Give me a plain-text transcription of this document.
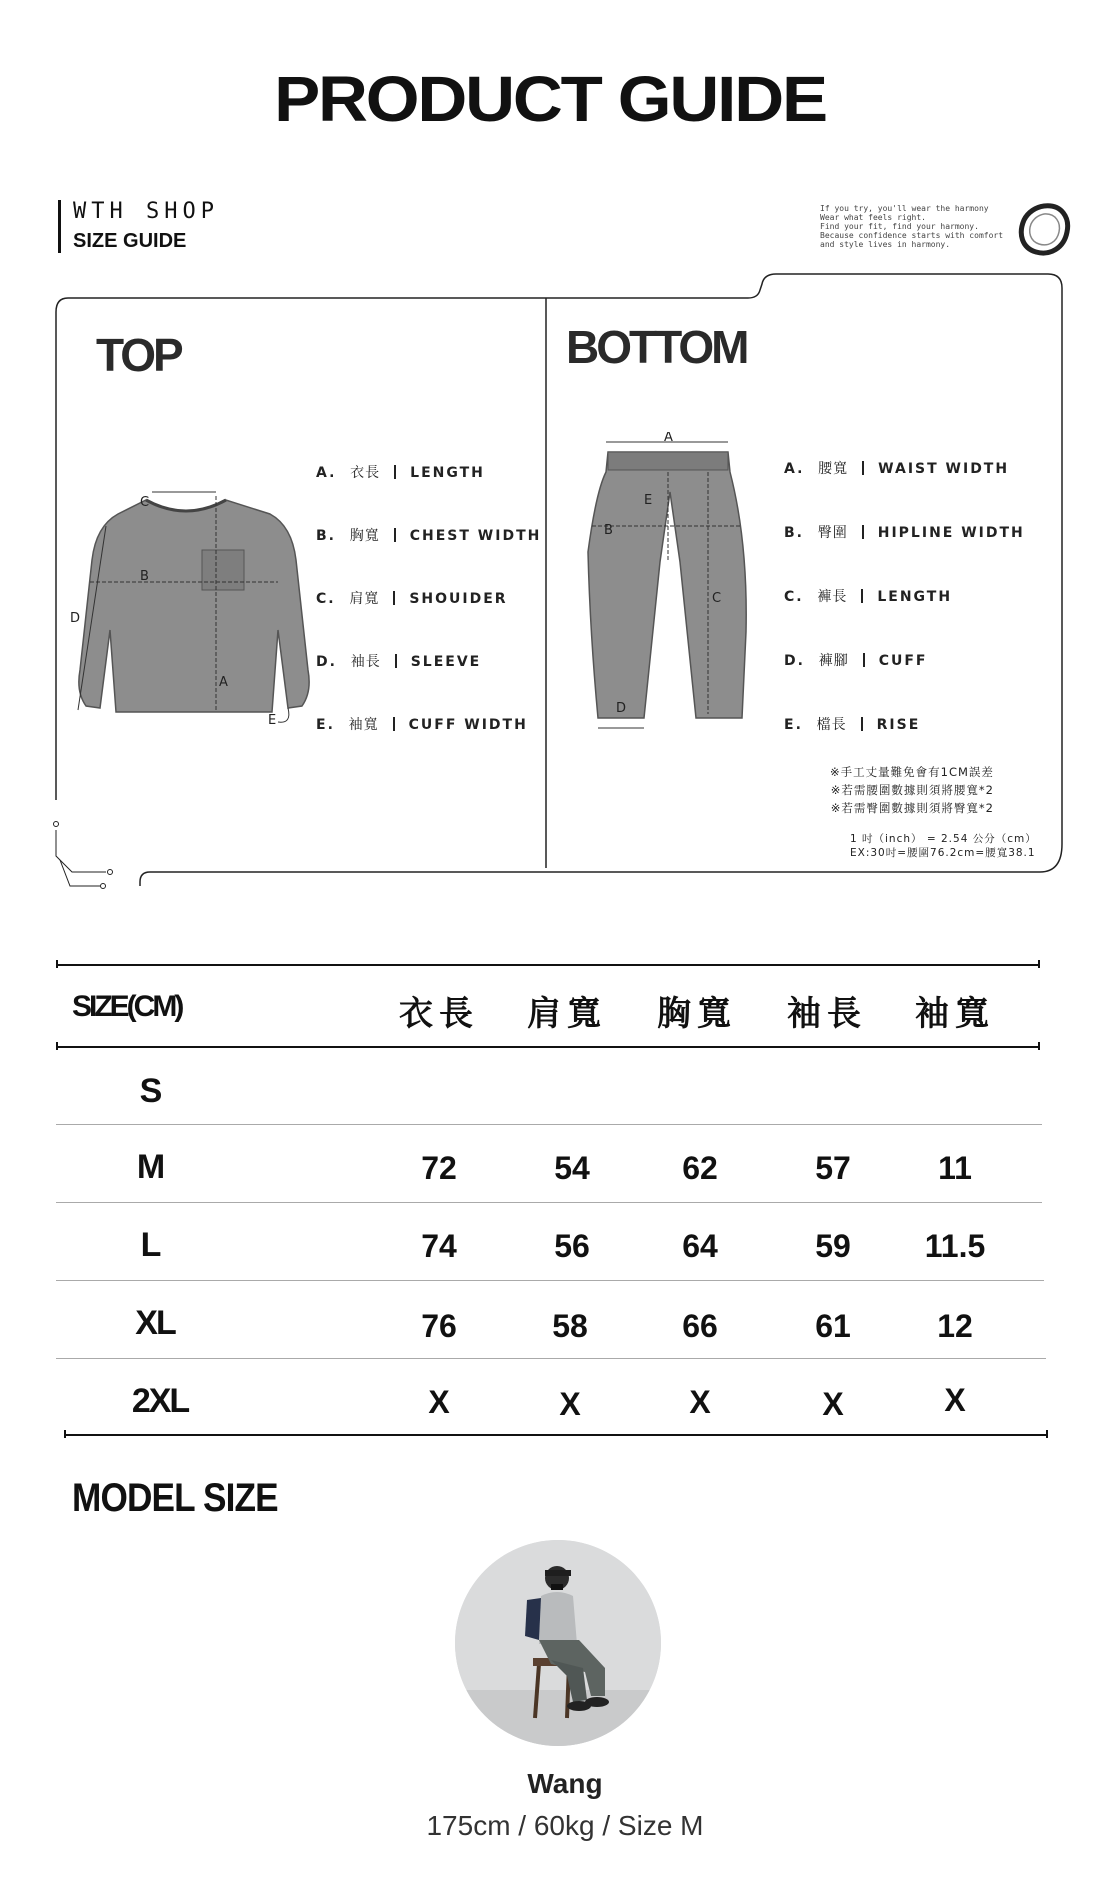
PRODUCT GUIDE
WTH SHOP
SIZE GUIDE
If you try, you'll wear the harmony
Wear what feels right.
Find your fit, find your harmony.
Because confidence starts with comfort
and style lives in harmony.
TOP
C
B
D
A
E
A. 衣長 LENGTH
B. 胸寬 CHEST WIDTH
C. 肩寬 SHOUIDER
D. 袖長 SLEEVE
E. 袖寬 CUFF WIDTH
BOTTOM
A
E
B
C
D
A. 腰寬 WAIST WIDTH
B. 臀圍 HIPLINE WIDTH
C. 褲長 LENGTH
D. 褲腳 CUFF
E. 檔長 RISE
※手工丈量難免會有1CM誤差
※若需腰圍數據則須將腰寬*2
※若需臀圍數據則須將臀寬*2
1 吋（inch） = 2.54 公分（cm）
EX:30吋=腰圍76.2cm=腰寬38.1
SIZE(CM)	衣長	肩寬	胸寬	袖長	袖寬
S
M	72	54	62	57	11
L	74	56	64	59	11.5
XL	76	58	66	61	12
2XL	X	X	X	X	X
MODEL SIZE
Wang
175cm / 60kg / Size M
